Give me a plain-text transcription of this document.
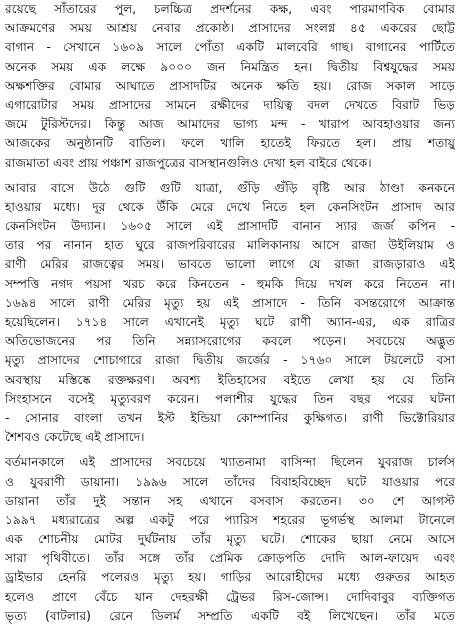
রয়েছে সাঁতারের পুল, চলচ্চিত্র প্রদর্শনের কক্ষ, এবং পারমাণবিক বোমার
আক্রমণের সময় আশ্রয় নেবার প্রকোষ্ঠ। প্রাসাদের সংলগ্ন ৪৫ একরের ছোট্ট
বাগান - সেখানে ১৬০৯ সালে পোঁতা একটি মালবেরি গাছ। বাগানের পার্টিতে
অনেক সময় এক লক্ষে ৯০০০ জন নিমন্ত্রিত হন। দ্বিতীয় বিশ্বযুদ্ধের সময়
অক্ষশক্তির বোমার আঘাতে প্রাসাদটির অনেক ক্ষতি হয়। রোজ সকাল সাড়ে
এগারোটার সময় প্রাসাদের সামনে রক্ষীদের দায়িত্ব বদল দেখতে বিরাট ভিড়
জমে টুরিস্টদের। কিন্তু আজ আমাদের ভাগ্য মন্দ - খারাপ আবহাওয়ার জন্য
আজকের অনুষ্ঠানটি বাতিল। ফলে খালি হাতেই ফিরতে হল। প্রায় শতায়ু
রাজমাতা এবং প্রায় পঞ্চাশ রাজপুত্রের বাসস্থানগুলিও দেখা হল বাইরে থেকে।
আবার বাসে উঠে গুটি গুটি যাত্রা, গুঁড়ি গুঁড়ি বৃষ্টি আর ঠাণ্ডা কনকনে
হাওয়ার মধ্যে। দূর থেকে উঁকি মেরে দেখে নিতে হল কেনসিংটন প্রাসাদ আর
কেনসিংটন উদ্যান। ১৬০৫ সালে এই প্রাসাদটি বানান স্যার জর্জ কপিন -
তার পর নানান হাত ঘুরে রাজপরিবারের মালিকানায় আসে রাজা উইলিয়াম ও
রাণী মেরির রাজত্বের সময়। ভাবতে ভালো লাগে যে রাজা রাজড়ারাও এই
সম্পত্তি নগদ পয়সা খরচ করে কিনতেন - হুমকি দিয়ে দখল করে নিতেন না।
১৬৯৪ সালে রাণী মেরির মৃত্যু হয় এই প্রাসাদে - তিনি বসন্তরোগে আক্রান্ত
হয়েছিলেন। ১৭১৪ সালে এখানেই মৃত্যু ঘটে রাণী অ্যান-এর, এক রাত্রির
অতিভোজনের পর তিনি সন্ন্যাসরোগের কবলে পড়েন। সবচেয়ে অদ্ভুত
মৃত্যু প্রাসাদের শোচাগারে রাজা দ্বিতীয় জর্জের - ১৭৬০ সালে টয়লেটে বসা
অবস্থায় মস্তিষ্কে রক্তক্ষরণ। অবশ্য ইতিহাসের বইতে লেখা হয় যে তিনি
সিংহাসনে বসেই মৃত্যুবরণ করেন। পলাশীর যুদ্ধের তিন বছর পরের ঘটনা
- সোনার বাংলা তখন ইস্ট ইন্ডিয়া কোম্পানির কুক্ষিগত। রাণী ভিক্টোরিয়ার
শৈশবও কেটেছে এই প্রাসাদে।
বর্তমানকালে এই প্রাসাদের সবচেয়ে খ্যাতনামা বাসিন্দা ছিলেন যুবরাজ চার্লস
ও যুবরাণী ডায়ানা। ১৯৯৬ সালে তাঁদের বিবাহবিচ্ছেদ ঘটে যাওয়ার পরে
ডায়ানা তাঁর দুই সন্তান সহ এখানে বসবাস করতেন। ৩০ শে আগস্ট
১৯৯৭ মধ্যরাত্রের অল্প একটু পরে প্যারিস শহরের ভূগর্ভস্থ আলমা টানেলে
এক শোচনীয় মোটর দুর্ঘটনায় তাঁর মৃত্যু ঘটে। শোকের ছায়া নেমে আসে
সারা পৃথিবীতে। তাঁর সঙ্গে তাঁর প্রেমিক ক্রোড়পতি দোদি আল-ফায়েদ এবং
ড্রাইভার হেনরি পলেরও মৃত্যু হয়। গাড়ির আরোহীদের মধ্যে গুরুতর আহত
হলেও প্রাণে বেঁচে যান দেহরক্ষী ট্রেভর রিস-জোন্স। দোদিবাবুর ব্যক্তিগত
ভৃত্য (বাটলার) রেনে ডিলর্ম সম্প্রতি একটি বই লিখেছেন। তাঁর মতে
